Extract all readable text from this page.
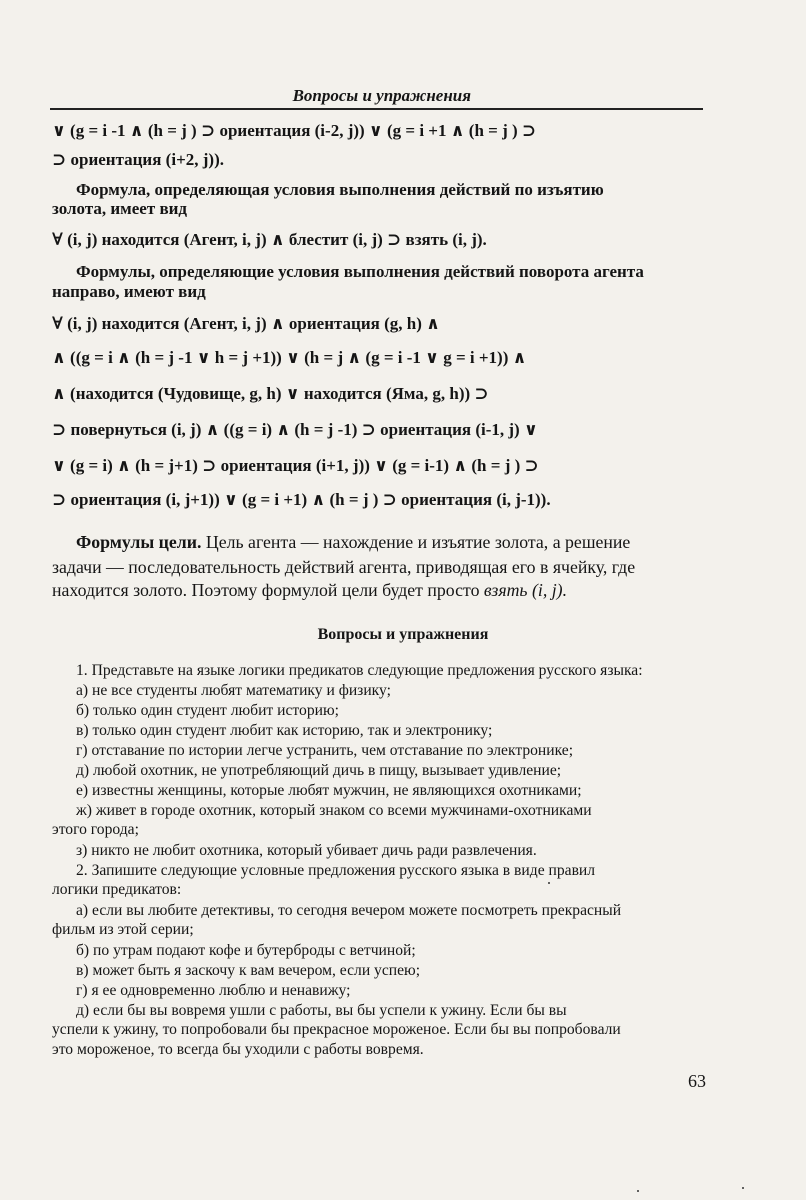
Вопросы и упражнения
∨ (g = i -1 ∧ (h = j ) ⊃ ориентация (i-2, j)) ∨ (g = i +1 ∧ (h = j ) ⊃
⊃ ориентация (i+2, j)).
Формула, определяющая условия выполнения действий по изъятию
золота, имеет вид
∀ (i, j) находится (Агент, i, j) ∧ блестит (i, j) ⊃ взять (i, j).
Формулы, определяющие условия выполнения действий поворота агента
направо, имеют вид
∀ (i, j) находится (Агент, i, j) ∧ ориентация (g, h) ∧
∧ ((g = i ∧ (h = j -1 ∨ h = j +1)) ∨ (h = j ∧ (g = i -1 ∨ g = i +1)) ∧
∧ (находится (Чудовище, g, h) ∨ находится (Яма, g, h)) ⊃
⊃ повернуться (i, j) ∧ ((g = i) ∧ (h = j -1) ⊃ ориентация (i-1, j) ∨
∨ (g = i) ∧ (h = j+1) ⊃ ориентация (i+1, j)) ∨ (g = i-1) ∧ (h = j ) ⊃
⊃ ориентация (i, j+1)) ∨ (g = i +1) ∧ (h = j ) ⊃ ориентация (i, j-1)).
Формулы цели. Цель агента — нахождение и изъятие золота, а решение
задачи — последовательность действий агента, приводящая его в ячейку, где
находится золото. Поэтому формулой цели будет просто взять (i, j).
Вопросы и упражнения
1. Представьте на языке логики предикатов следующие предложения русского языка:
а) не все студенты любят математику и физику;
б) только один студент любит историю;
в) только один студент любит как историю, так и электронику;
г) отставание по истории легче устранить, чем отставание по электронике;
д) любой охотник, не употребляющий дичь в пищу, вызывает удивление;
е) известны женщины, которые любят мужчин, не являющихся охотниками;
ж) живет в городе охотник, который знаком со всеми мужчинами-охотниками
этого города;
з) никто не любит охотника, который убивает дичь ради развлечения.
2. Запишите следующие условные предложения русского языка в виде правил
логики предикатов:
а) если вы любите детективы, то сегодня вечером можете посмотреть прекрасный
фильм из этой серии;
б) по утрам подают кофе и бутерброды с ветчиной;
в) может быть я заскочу к вам вечером, если успею;
г) я ее одновременно люблю и ненавижу;
д) если бы вы вовремя ушли с работы, вы бы успели к ужину. Если бы вы
успели к ужину, то попробовали бы прекрасное мороженое. Если бы вы попробовали
это мороженое, то всегда бы уходили с работы вовремя.
63
